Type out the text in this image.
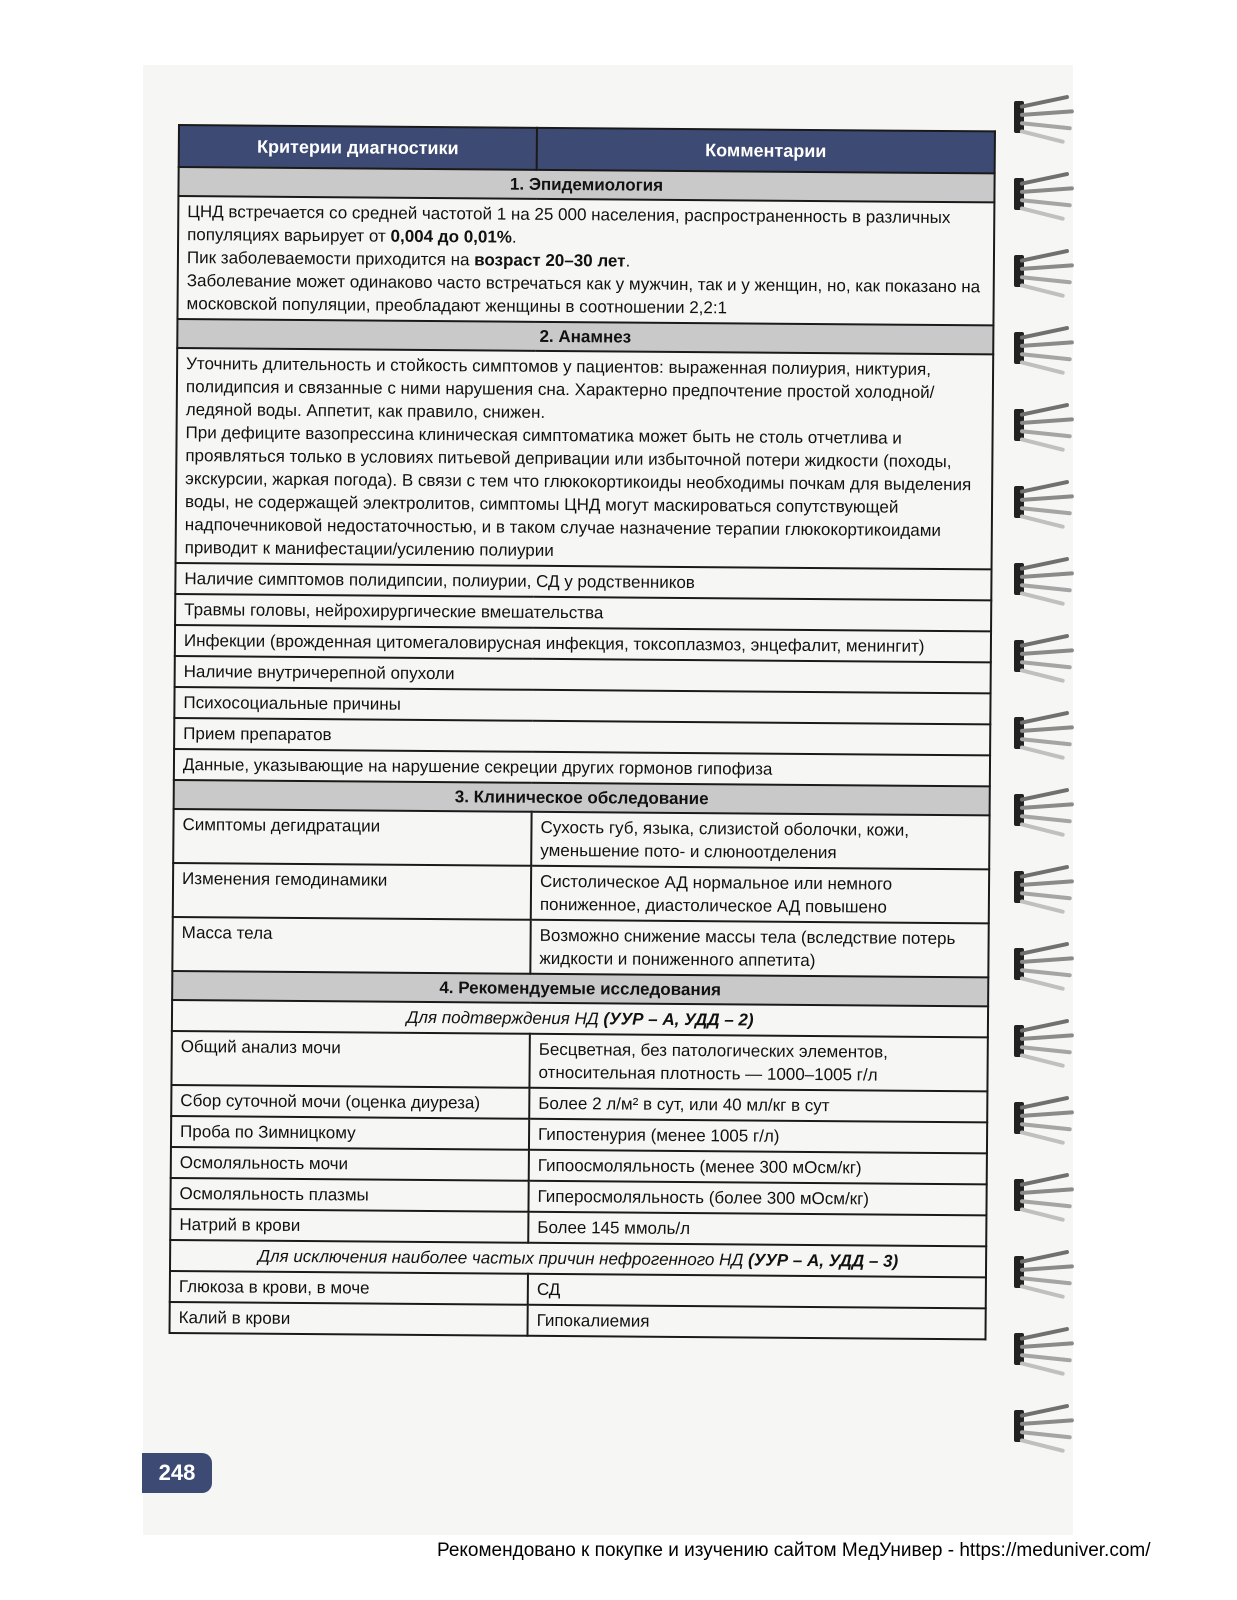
Критерии диагностики	Комментарии
1. Эпидемиология	
ЦНД встречается со средней частотой 1 на 25 000 населения, распространенность в различных популяциях варьирует от 0,004 до 0,01%.
Пик заболеваемости приходится на возраст 20–30 лет.
Заболевание может одинаково часто встречаться как у мужчин, так и у женщин, но, как показано на московской популяции, преобладают женщины в соотношении 2,2:1	
2. Анамнез	
Уточнить длительность и стойкость симптомов у пациентов: выраженная полиурия, никтурия, полидипсия и связанные с ними нарушения сна. Характерно предпочтение простой холодной/ледяной воды. Аппетит, как правило, снижен.
При дефиците вазопрессина клиническая симптоматика может быть не столь отчетлива и проявляться только в условиях питьевой депривации или избыточной потери жидкости (походы, экскурсии, жаркая погода). В связи с тем что глюкокортикоиды необходимы почкам для выделения воды, не содержащей электролитов, симптомы ЦНД могут маскироваться сопутствующей надпочечниковой недостаточностью, и в таком случае назначение терапии глюкокортикоидами приводит к манифестации/усилению полиурии	
Наличие симптомов полидипсии, полиурии, СД у родственников	
Травмы головы, нейрохирургические вмешательства	
Инфекции (врожденная цитомегаловирусная инфекция, токсоплазмоз, энцефалит, менингит)	
Наличие внутричерепной опухоли	
Психосоциальные причины	
Прием препаратов	
Данные, указывающие на нарушение секреции других гормонов гипофиза	
3. Клиническое обследование	
Симптомы дегидратации	Сухость губ, языка, слизистой оболочки, кожи, уменьшение пото- и слюноотделения
Изменения гемодинамики	Систолическое АД нормальное или немного пониженное, диастолическое АД повышено
Масса тела	Возможно снижение массы тела (вследствие потерь жидкости и пониженного аппетита)
4. Рекомендуемые исследования	
Для подтверждения НД (УУР – А, УДД – 2)	
Общий анализ мочи	Бесцветная, без патологических элементов, относительная плотность — 1000–1005 г/л
Сбор суточной мочи (оценка диуреза)	Более 2 л/м² в сут, или 40 мл/кг в сут
Проба по Зимницкому	Гипостенурия (менее 1005 г/л)
Осмоляльность мочи	Гипоосмоляльность (менее 300 мОсм/кг)
Осмоляльность плазмы	Гиперосмоляльность (более 300 мОсм/кг)
Натрий в крови	Более 145 ммоль/л
Для исключения наиболее частых причин нефрогенного НД (УУР – А, УДД – 3)	
Глюкоза в крови, в моче	СД
Калий в крови	Гипокалиемия
248
Рекомендовано к покупке и изучению сайтом МедУнивер - https://meduniver.com/
